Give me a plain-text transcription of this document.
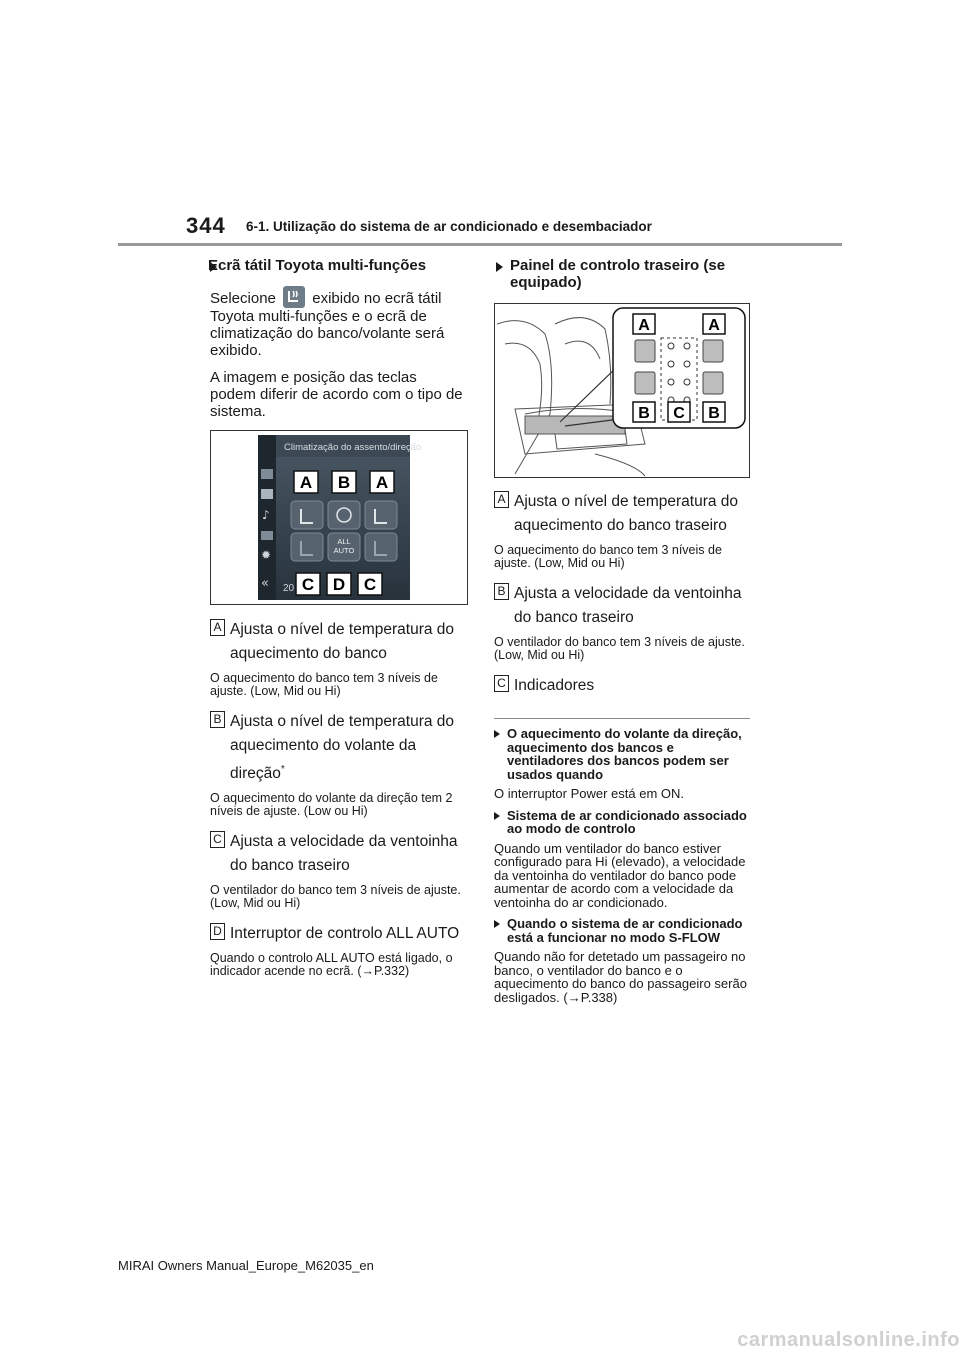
344 6-1. Utilização do sistema de ar condicionado e desembaciador
Ecrã tátil Toyota multi-funções
Selecione exibido no ecrã tátil Toyota multi-funções e o ecrã de climatização do banco/volante será exibido.
A imagem e posição das teclas podem diferir de acordo com o tipo de sistema.
Climatização do assento/direção
♪
✹
«
ALL
AUTO
20
A B A
C D C
A Ajusta o nível de temperatura do aquecimento do banco
O aquecimento do banco tem 3 níveis de ajuste. (Low, Mid ou Hi)
B Ajusta o nível de temperatura do aquecimento do volante da direção*
O aquecimento do volante da direção tem 2 níveis de ajuste. (Low ou Hi)
C Ajusta a velocidade da ventoinha do banco traseiro
O ventilador do banco tem 3 níveis de ajuste. (Low, Mid ou Hi)
D Interruptor de controlo ALL AUTO
Quando o controlo ALL AUTO está ligado, o indicador acende no ecrã. (→P.332)
Painel de controlo traseiro (se equipado)
A	A
B C B
A Ajusta o nível de temperatura do aquecimento do banco traseiro
O aquecimento do banco tem 3 níveis de ajuste. (Low, Mid ou Hi)
B Ajusta a velocidade da ventoinha do banco traseiro
O ventilador do banco tem 3 níveis de ajuste. (Low, Mid ou Hi)
C Indicadores
O aquecimento do volante da direção, aquecimento dos bancos e ventiladores dos bancos podem ser usados quando
O interruptor Power está em ON.
Sistema de ar condicionado associado ao modo de controlo
Quando um ventilador do banco estiver configurado para Hi (elevado), a velocidade da ventoinha do ventilador do banco pode aumentar de acordo com a velocidade da ventoinha do ar condicionado.
Quando o sistema de ar condicionado está a funcionar no modo S-FLOW
Quando não for detetado um passageiro no banco, o ventilador do banco e o aquecimento do banco do passageiro serão desligados. (→P.338)
MIRAI Owners Manual_Europe_M62035_en
carmanualsonline.info
